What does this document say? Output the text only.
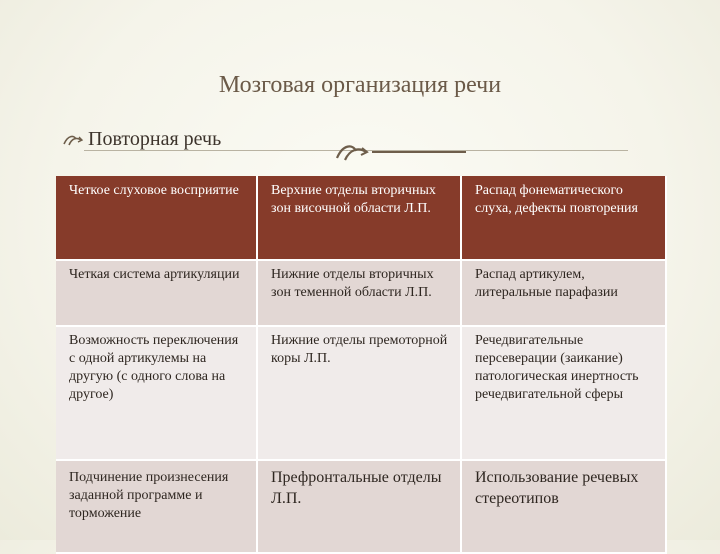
Мозговая организация речи
Повторная речь
Четкое слуховое восприятие	Верхние отделы вторичных зон височной области Л.П.	Распад фонематического слуха, дефекты повторения
Четкая система артикуляции	Нижние отделы вторичных зон теменной области Л.П.	Распад артикулем, литеральные парафазии
Возможность переключения с одной артикулемы на другую (с одного слова на другое)	Нижние отделы премоторной коры Л.П.	Речедвигательные персеверации (заикание) патологическая инертность речедвигательной сферы
Подчинение произнесения заданной программе и торможение	Префронтальные отделы Л.П.	Использование речевых стереотипов
